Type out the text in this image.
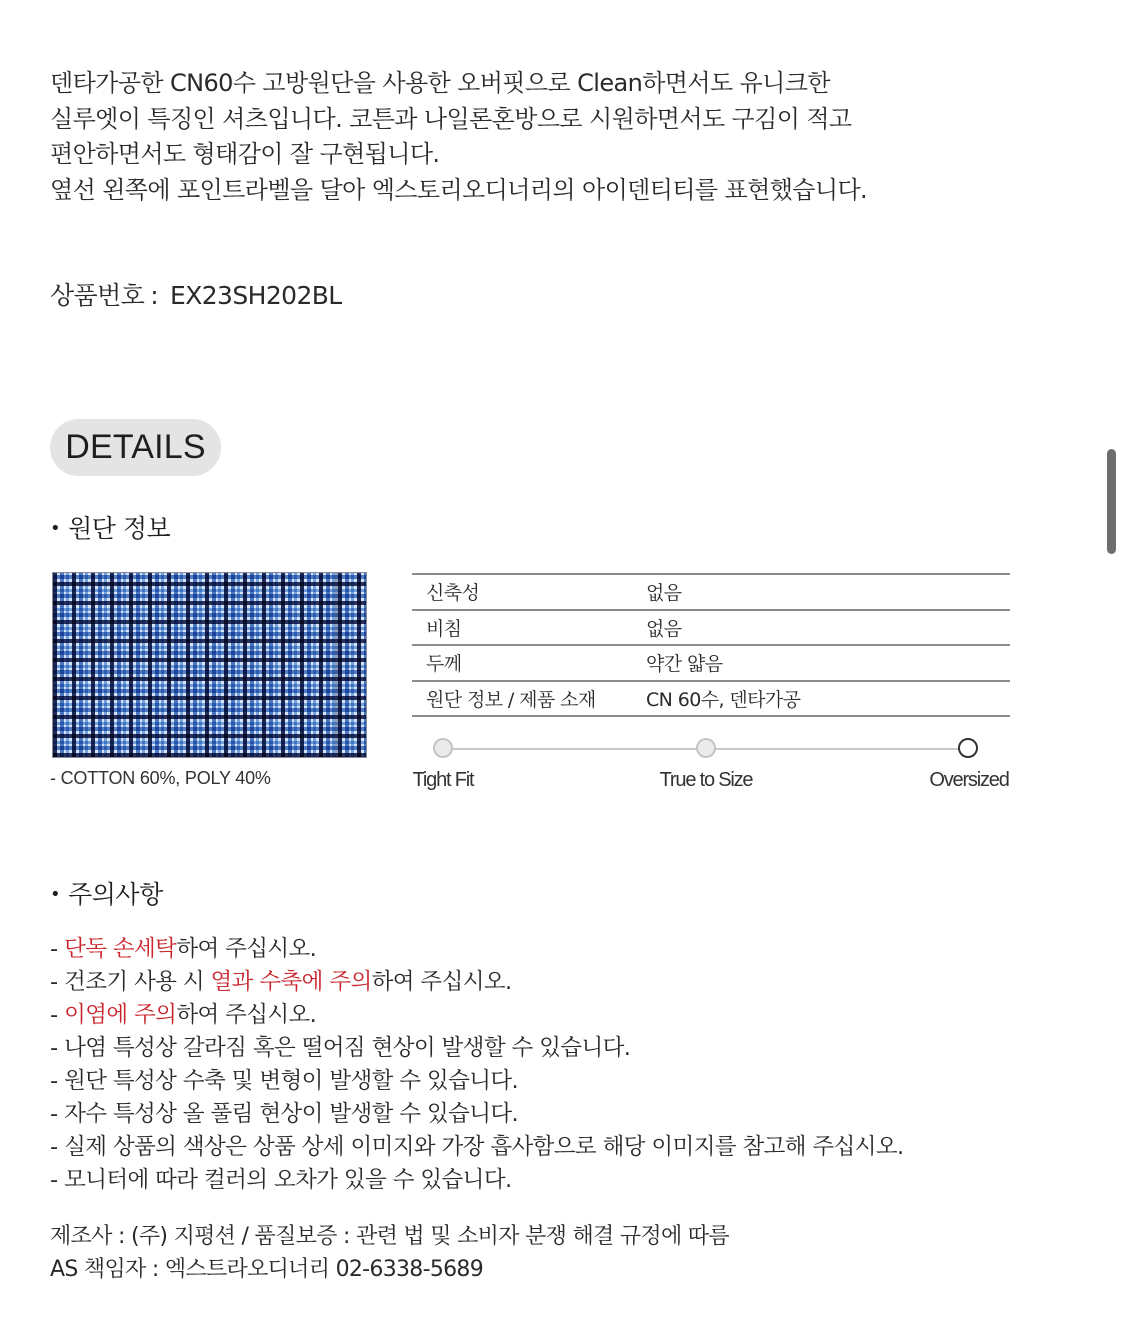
덴타가공한 CN60수 고방원단을 사용한 오버핏으로 Clean하면서도 유니크한
실루엣이 특징인 셔츠입니다. 코튼과 나일론혼방으로 시원하면서도 구김이 적고
편안하면서도 형태감이 잘 구현됩니다.
옆선 왼쪽에 포인트라벨을 달아 엑스토리오디너리의 아이덴티티를 표현했습니다.
상품번호 : EX23SH202BL
DETAILS
• 원단 정보
- COTTON 60%, POLY 40%
신축성	없음
비침	없음
두께	약간 얇음
원단 정보 / 제품 소재	CN 60수, 덴타가공
Tight Fit	True to Size	Oversized
• 주의사항
- 단독 손세탁하여 주십시오.
- 건조기 사용 시 열과 수축에 주의하여 주십시오.
- 이염에 주의하여 주십시오.
- 나염 특성상 갈라짐 혹은 떨어짐 현상이 발생할 수 있습니다.
- 원단 특성상 수축 및 변형이 발생할 수 있습니다.
- 자수 특성상 올 풀림 현상이 발생할 수 있습니다.
- 실제 상품의 색상은 상품 상세 이미지와 가장 흡사함으로 해당 이미지를 참고해 주십시오.
- 모니터에 따라 컬러의 오차가 있을 수 있습니다.
제조사 : (주) 지평션 / 품질보증 : 관련 법 및 소비자 분쟁 해결 규정에 따름
AS 책임자 : 엑스트라오디너리 02-6338-5689
